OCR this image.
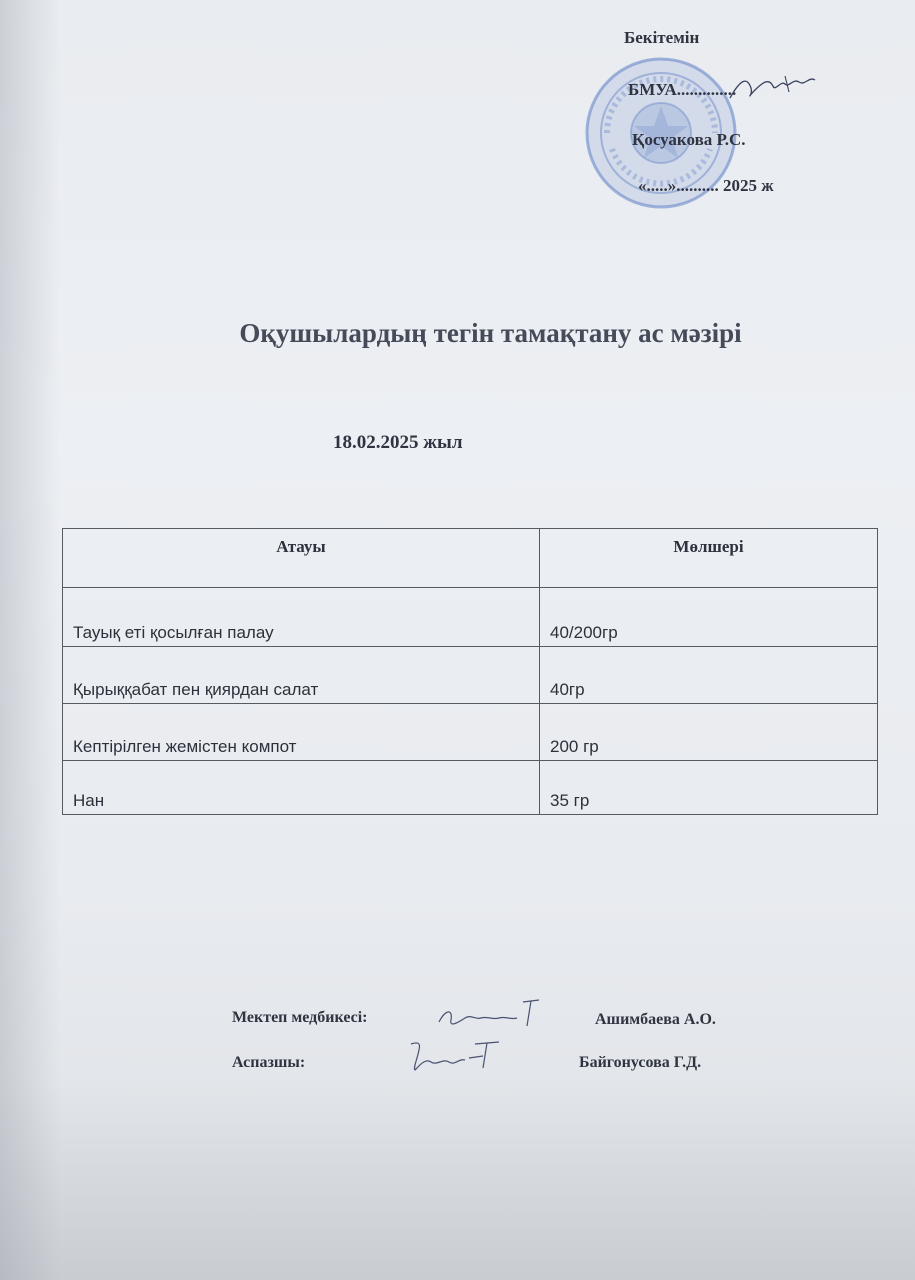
Бекітемін
БМУА..............
Қосуакова Р.С.
«.....».......... 2025 ж
Оқушылардың тегін тамақтану ас мәзірі
18.02.2025 жыл
Атауы	Мөлшері
Тауық еті қосылған палау	40/200гр
Қырыққабат пен қиярдан салат	40гр
Кептірілген жемістен компот	200 гр
Нан	35 гр
Мектеп медбикесі:	Ашимбаева А.О.
Аспазшы:	Байгонусова Г.Д.
